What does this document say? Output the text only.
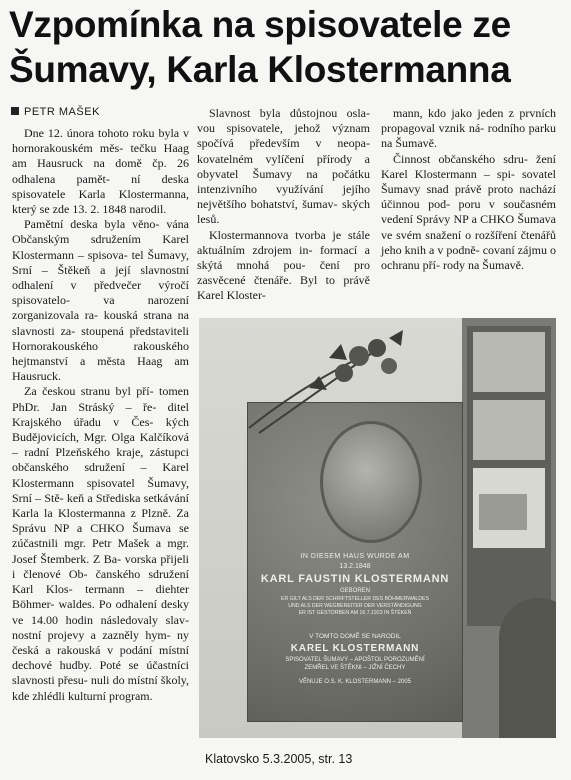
Vzpomínka na spisovatele ze
Šumavy, Karla Klostermanna
PETR MAŠEK

Dne 12. února tohoto roku byla v hornorakouském měs- tečku Haag am Hausruck na domě čp. 26 odhalena pamět- ní deska spisovatele Karla Klostermanna, který se zde 13. 2. 1848 narodil.

Pamětní deska byla věno- vána Občanským sdružením Karel Klostermann – spisova- tel Šumavy, Srní – Štěkeň a její slavnostní odhalení v předvečer výročí spisovatelo-	va narození zorganizovala ra- kouská strana na slavnosti za- stoupená představiteli Hornorakouského	rakouského hejtmanství a města Haag am Hausruck.

Za českou stranu byl pří- tomen PhDr. Jan Stráský – ře- ditel Krajského úřadu v Čes- kých Budějovicích, Mgr. Olga Kalčíková – radní Plzeňského kraje, zástupci občanského sdružení – Karel Klostermann spisovatel Šumavy, Srní – Stě- keň a Střediska setkávání Karla la Klostermanna z Plzně. Za Správu NP a CHKO Šumava se zúčastnili mgr. Petr Mašek a mgr. Josef Štemberk. Z Ba- vorska přijeli i členové Ob- čanského sdružení Karl Klos- termann – diehter Böhmer- waldes. Po odhalení desky ve 14.00 hodin následovaly slav- nostní projevy a zazněly hym- ny česká a rakouská v podání místní dechové hudby. Poté se účastníci slavnosti přesu- nuli do místní školy, kde zhlédli kulturní program.

Slavnost byla důstojnou osla- vou spisovatele, jehož význam spočívá především v neopa- kovatelném vylíčení přírody a obyvatel Šumavy na počátku intenzivního využívání jejího největšího bohatství, šumav- ských lesů.

Klostermannova tvorba je stále aktuálním zdrojem in- formací a skýtá mnohá pou- čení pro zasvěcené čtenáře. Byl to právě Karel Kloster-

mann, kdo jako jeden z prvních propagoval vznik ná- rodního parku na Šumavě.

Činnost občanského sdru- žení Karel Klostermann – spi- sovatel Šumavy snad právě proto nachází účinnou pod- poru v současném vedení Správy NP a CHKO Šumava ve svém snažení o rozšíření čtenářů jeho knih a v podně- covaní zájmu o ochranu pří- rody na Šumavě.

IN DIESEM HAUS WURDE AM
13.2.1848
KARL FAUSTIN KLOSTERMANN
GEBOREN
ER GILT ALS DER SCHRIFTSTELLER DES BÖHMERWALDES
UND ALS DER WEGBEREITER DER VERSTÄNDIGUNG
ER IST GESTORBEN AM 16.7.1923 IN ŠTĚKEŇ
V TOMTO DOMĚ SE NARODIL
KAREL KLOSTERMANN
SPISOVATEL ŠUMAVY – APOŠTOL POROZUMĚNÍ
ZEMŘEL VE ŠTĚKNI – JIŽNÍ ČECHY
VĚNUJE O.S. K. KLOSTERMANN – 2005
Klatovsko 5.3.2005, str. 13
